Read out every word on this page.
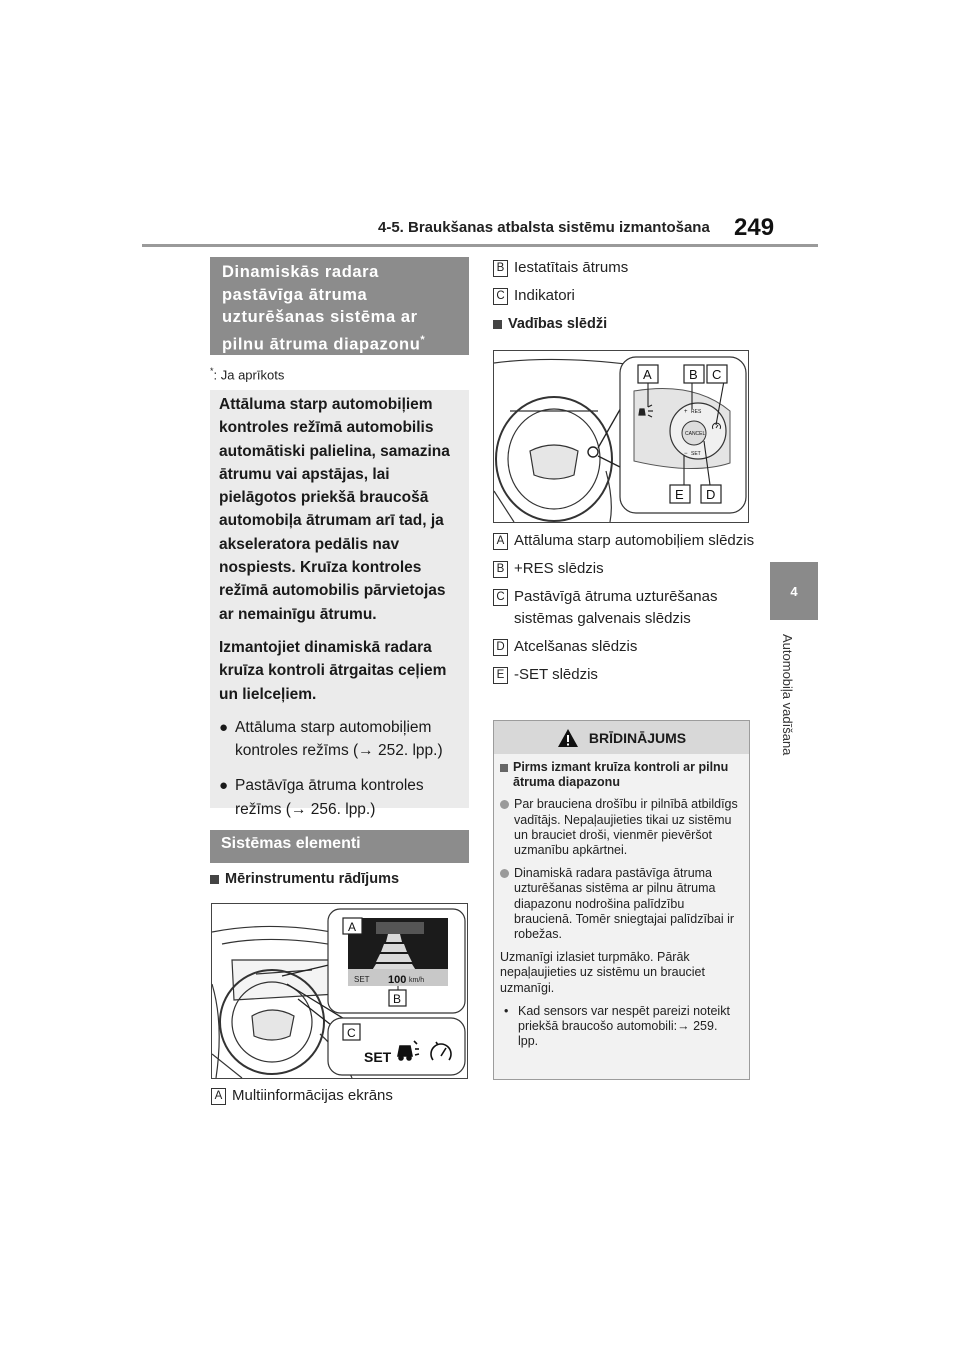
4-5. Braukšanas atbalsta sistēmu izmantošana 249
4
Automobiļa vadīšana
Dinamiskās radara
pastāvīga ātruma
uzturēšanas sistēma ar
pilnu ātruma diapazonu*
*: Ja aprīkots

Attāluma starp automobiļiem kontroles režīmā automobilis automātiski palielina, samazina ātrumu vai apstājas, lai pielāgotos priekšā braucošā automobiļa ātrumam arī tad, ja akseleratora pedālis nav nospiests. Kruīza kontroles režīmā automobilis pārvietojas ar nemainīgu ātrumu.

Izmantojiet dinamiskā radara kruīza kontroli ātrgaitas ceļiem un lielceļiem.

● Attāluma starp automobiļiem kontroles režīms (→ 252. lpp.)
● Pastāvīga ātruma kontroles režīms (→ 256. lpp.)
Sistēmas elementi
Mērinstrumentu rādījums
SET 100 km/h
A
B
C
SET
A Multiinformācijas ekrāns
B Iestatītais ātrums
C Indikatori
Vadības slēdži
CANCEL
+ RES
− SET
A	B C
E D
A Attāluma starp automobiļiem slēdzis
B +RES slēdzis
C Pastāvīgā ātruma uzturēšanas sistēmas galvenais slēdzis
D Atcelšanas slēdzis
E -SET slēdzis
BRĪDINĀJUMS
Pirms izmant kruīza kontroli ar pilnu ātruma diapazonu
Par brauciena drošību ir pilnībā atbildīgs vadītājs. Nepaļaujieties tikai uz sistēmu un brauciet droši, vienmēr pievēršot uzmanību apkārtnei.
Dinamiskā radara pastāvīga ātruma uzturēšanas sistēma ar pilnu ātruma diapazonu nodrošina palīdzību braucienā. Tomēr sniegtajai palīdzībai ir robežas.
Uzmanīgi izlasiet turpmāko. Pārāk nepaļaujieties uz sistēmu un brauciet uzmanīgi.
• Kad sensors var nespēt pareizi noteikt priekšā braucošo automobili:→ 259. lpp.
